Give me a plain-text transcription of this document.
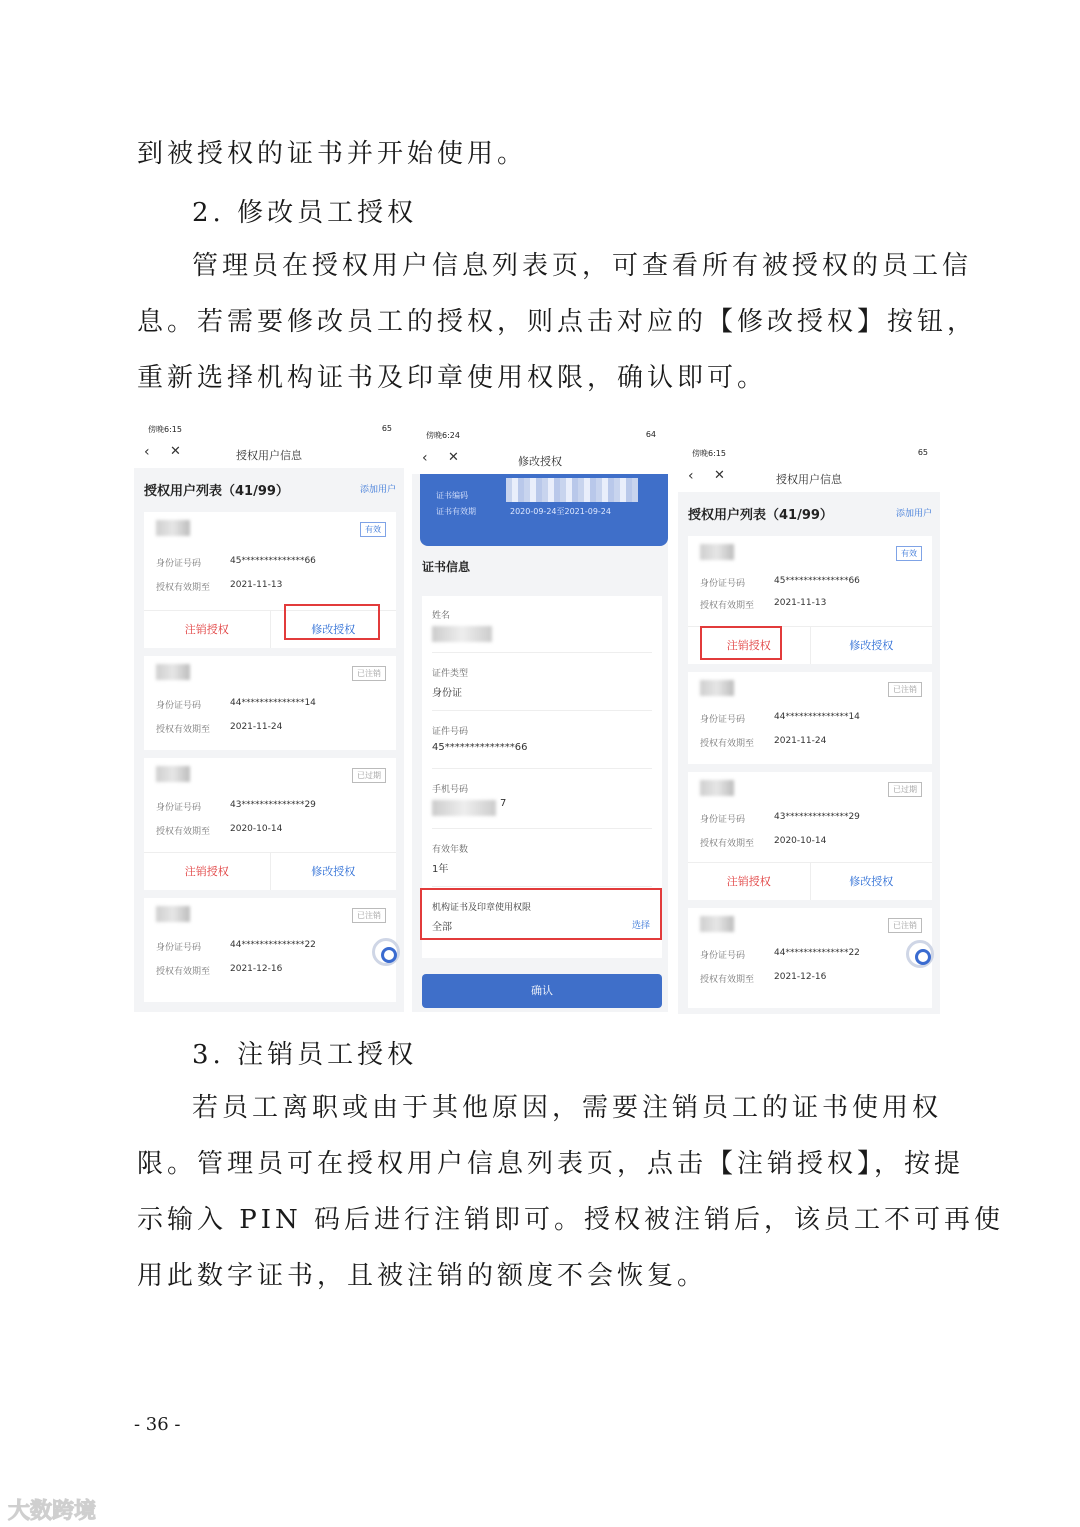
到被授权的证书并开始使用。
2. 修改员工授权
管理员在授权用户信息列表页，可查看所有被授权的员工信
息。若需要修改员工的授权，则点击对应的【修改授权】按钮，
重新选择机构证书及印章使用权限，确认即可。
傍晚6:15	65
‹ ✕	授权用户信息
授权用户列表（41/99）	添加用户
有效
身份证号码	45**************66
授权有效期至 2021-11-13
注销授权	修改授权
已注销
身份证号码	44**************14
授权有效期至 2021-11-24
已过期
身份证号码	43**************29
授权有效期至 2020-10-14
注销授权	修改授权
已注销
身份证号码	44**************22
授权有效期至 2021-12-16
傍晚6:24	64
‹ ✕	修改授权
证书编码
证书有效期	2020-09-24至2021-09-24
证书信息
姓名
证件类型
身份证
证件号码
45**************66
手机号码
7
有效年数
1年
机构证书及印章使用权限
全部	选择
确认
傍晚6:15	65
‹ ✕	授权用户信息
授权用户列表（41/99）	添加用户
有效
身份证号码	45**************66
授权有效期至 2021-11-13
注销授权	修改授权
已注销
身份证号码	44**************14
授权有效期至 2021-11-24
已过期
身份证号码	43**************29
授权有效期至 2020-10-14
注销授权	修改授权
已注销
身份证号码	44**************22
授权有效期至 2021-12-16
3. 注销员工授权
若员工离职或由于其他原因，需要注销员工的证书使用权
限。管理员可在授权用户信息列表页，点击【注销授权】，按提
示输入 PIN 码后进行注销即可。授权被注销后，该员工不可再使
用此数字证书，且被注销的额度不会恢复。
- 36 -
大数跨境
